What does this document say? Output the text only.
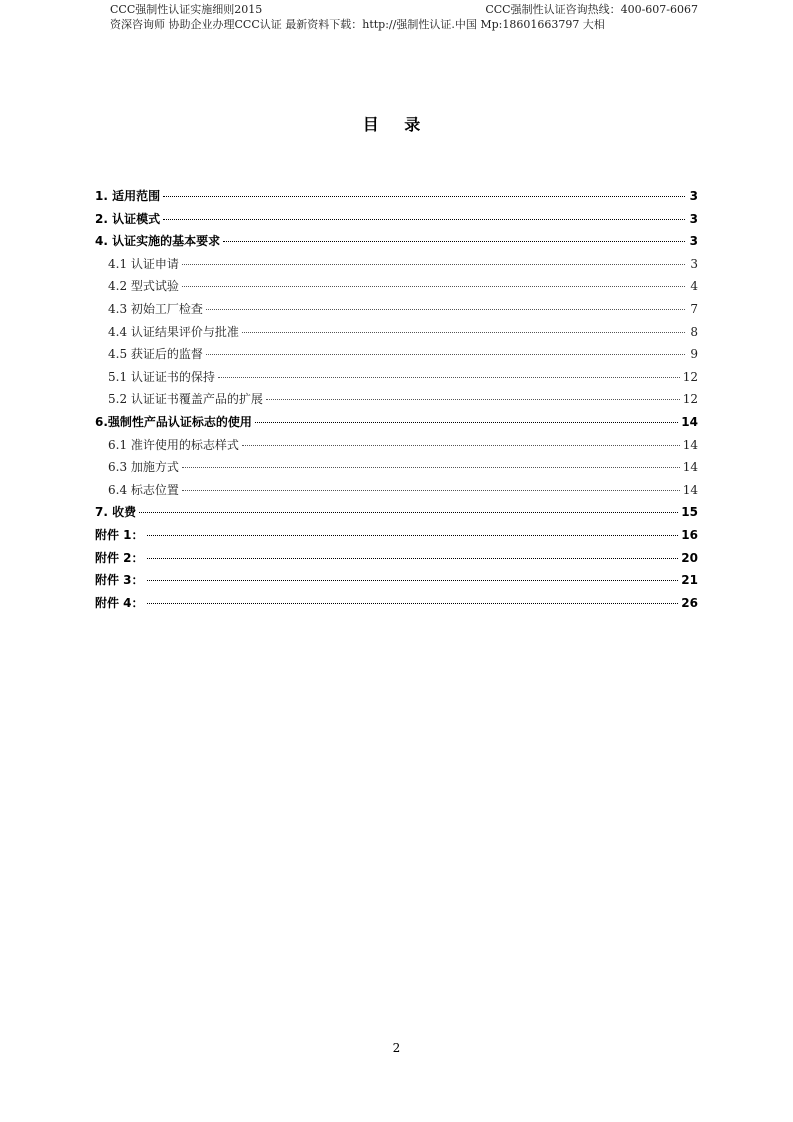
CCC强制性认证实施细则2015	CCC强制性认证咨询热线：400-607-6067
资深咨询师 协助企业办理CCC认证 最新资料下载：http://强制性认证.中国 Mp:18601663797 大相
目 录
1. 适用范围	3
2. 认证模式	3
4. 认证实施的基本要求	3
4.1 认证申请	3
4.2 型式试验	4
4.3 初始工厂检查	7
4.4 认证结果评价与批准	8
4.5 获证后的监督	9
5.1 认证证书的保持	12
5.2 认证证书覆盖产品的扩展	12
6.强制性产品认证标志的使用	14
6.1 准许使用的标志样式	14
6.3 加施方式	14
6.4 标志位置	14
7. 收费	15
附件 1：	16
附件 2：	20
附件 3：	21
附件 4：	26
2
